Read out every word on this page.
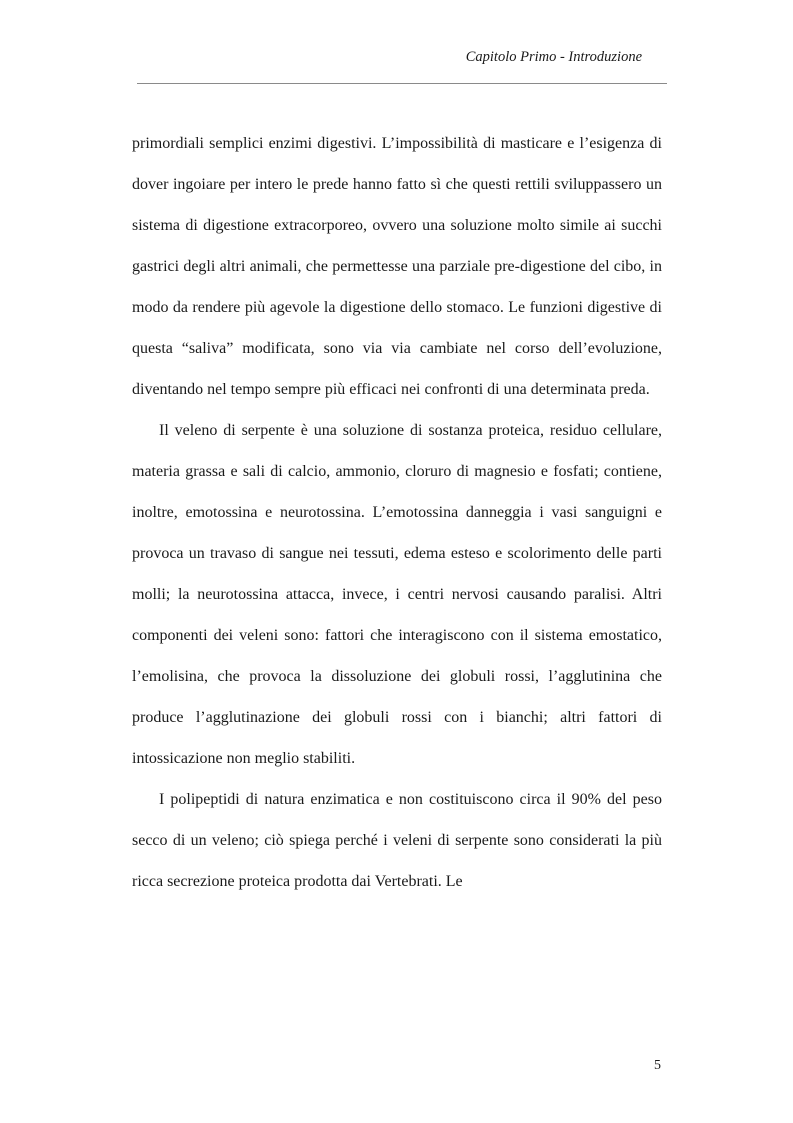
Capitolo Primo - Introduzione

primordiali semplici enzimi digestivi. L’impossibilità di masticare e l’esigenza di dover ingoiare per intero le prede hanno fatto sì che questi rettili sviluppassero un sistema di digestione extracorporeo, ovvero una soluzione molto simile ai succhi gastrici degli altri animali, che permettesse una parziale pre-digestione del cibo, in modo da rendere più agevole la digestione dello stomaco. Le funzioni digestive di questa “saliva” modificata, sono via via cambiate nel corso dell’evoluzione, diventando nel tempo sempre più efficaci nei confronti di una determinata preda.

Il veleno di serpente è una soluzione di sostanza proteica, residuo cellulare, materia grassa e sali di calcio, ammonio, cloruro di magnesio e fosfati; contiene, inoltre, emotossina e neurotossina. L’emotossina danneggia i vasi sanguigni e provoca un travaso di sangue nei tessuti, edema esteso e scolorimento delle parti molli; la neurotossina attacca, invece, i centri nervosi causando paralisi. Altri componenti dei veleni sono: fattori che interagiscono con il sistema emostatico, l’emolisina, che provoca la dissoluzione dei globuli rossi, l’agglutinina che produce l’agglutinazione dei globuli rossi con i bianchi; altri fattori di intossicazione non meglio stabiliti.

I polipeptidi di natura enzimatica e non costituiscono circa il 90% del peso secco di un veleno; ciò spiega perché i veleni di serpente sono considerati la più ricca secrezione proteica prodotta dai Vertebrati. Le

5
